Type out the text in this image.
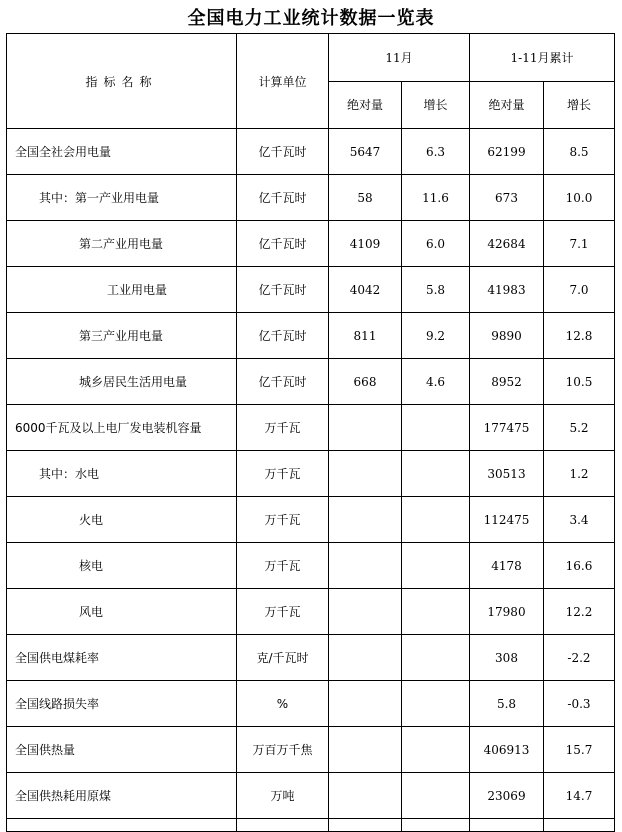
全国电力工业统计数据一览表
指标名称	计算单位	11月		1-11月累计	
		绝对量	增长	绝对量	增长
全国全社会用电量	亿千瓦时	5647	6.3	62199	8.5
其中：第一产业用电量	亿千瓦时	58	11.6	673	10.0
第二产业用电量	亿千瓦时	4109	6.0	42684	7.1
工业用电量	亿千瓦时	4042	5.8	41983	7.0
第三产业用电量	亿千瓦时	811	9.2	9890	12.8
城乡居民生活用电量	亿千瓦时	668	4.6	8952	10.5
6000千瓦及以上电厂发电装机容量	万千瓦			177475	5.2
其中：水电	万千瓦			30513	1.2
火电	万千瓦			112475	3.4
核电	万千瓦			4178	16.6
风电	万千瓦			17980	12.2
全国供电煤耗率	克/千瓦时			308	-2.2
全国线路损失率	%			5.8	-0.3
全国供热量	万百万千焦			406913	15.7
全国供热耗用原煤	万吨			23069	14.7
